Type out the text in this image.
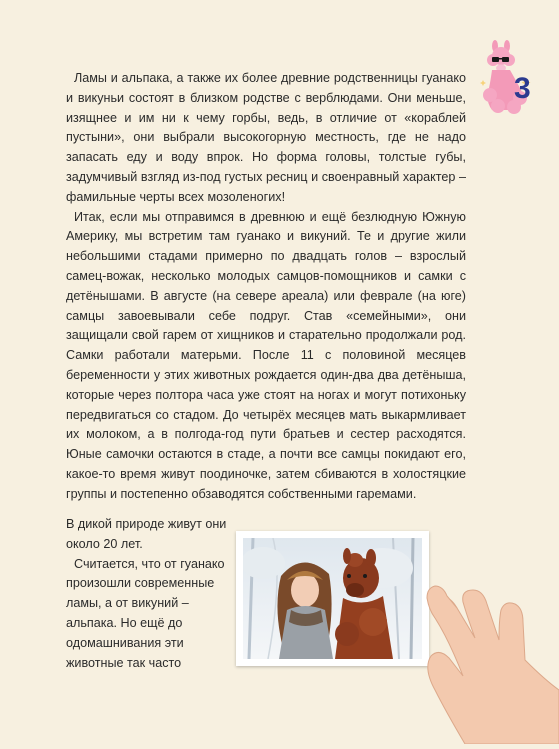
Ламы и альпака, а также их более древние родственницы гуанако и викуньи состоят в близком родстве с верблюдами. Они меньше, изящнее и им ни к чему горбы, ведь, в отличие от «кораблей пустыни», они выбрали высокогорную местность, где не надо запасать еду и воду впрок. Но форма головы, толстые губы, задумчивый взгляд из-под густых ресниц и своенравный характер – фамильные черты всех мозоленогих!

Итак, если мы отправимся в древнюю и ещё безлюдную Южную Америку, мы встретим там гуанако и викуний. Те и другие жили небольшими стадами примерно по двадцать голов – взрослый самец-вожак, несколько молодых самцов-помощников и самки с детёнышами. В августе (на севере ареала) или феврале (на юге) самцы завоевывали себе подруг. Став «семейными», они защищали свой гарем от хищников и старательно продолжали род. Самки работали матерьми. После 11 с половиной месяцев беременности у этих животных рождается один-два два детёныша, которые через полтора часа уже стоят на ногах и могут потихоньку передвигаться со стадом. До четырёх месяцев мать выкармливает их молоком, а в полгода-год пути братьев и сестер расходятся. Юные самочки остаются в стаде, а почти все самцы покидают его, какое-то время живут поодиночке, затем сбиваются в холостяцкие группы и постепенно обзаводятся собственными гаремами.

В дикой природе живут они около 20 лет.

Считается, что от гуанако произошли современные ламы, а от викуний – альпака. Но ещё до одомашнивания эти животные так часто

3
